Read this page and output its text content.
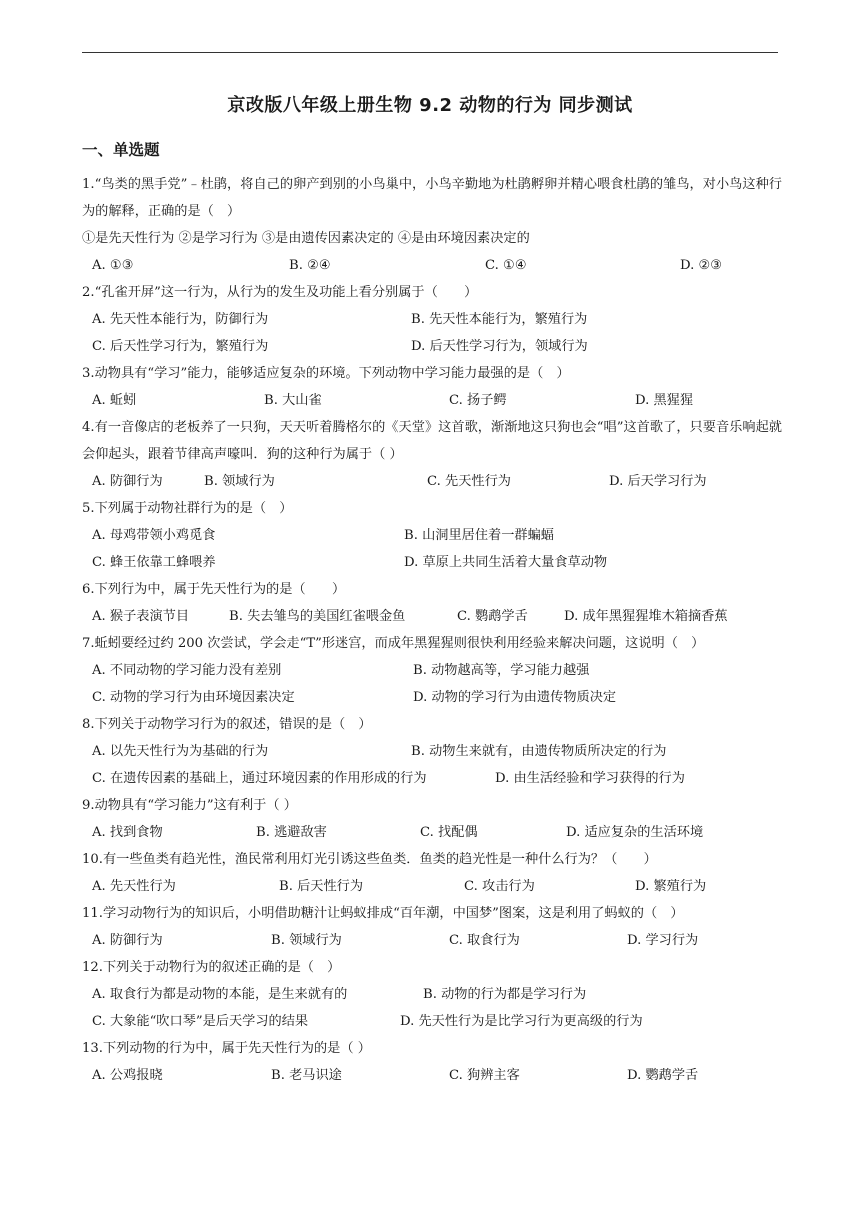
京改版八年级上册生物 9.2 动物的行为 同步测试
一、单选题
1.“鸟类的黑手党”﹣杜鹃，将自己的卵产到别的小鸟巢中，小鸟辛勤地为杜鹃孵卵并精心喂食杜鹃的雏鸟，对小鸟这种行为的解释，正确的是（　）
①是先天性行为 ②是学习行为 ③是由遗传因素决定的 ④是由环境因素决定的
A. ①③	B. ②④	C. ①④	D. ②③
2.“孔雀开屏”这一行为，从行为的发生及功能上看分别属于（　　）
A. 先天性本能行为，防御行为	B. 先天性本能行为，繁殖行为
C. 后天性学习行为，繁殖行为	D. 后天性学习行为，领域行为
3.动物具有“学习”能力，能够适应复杂的环境。下列动物中学习能力最强的是（　）
A. 蚯蚓	B. 大山雀	C. 扬子鳄	D. 黑猩猩
4.有一音像店的老板养了一只狗，天天听着腾格尔的《天堂》这首歌，渐渐地这只狗也会“唱”这首歌了，只要音乐响起就会仰起头，跟着节律高声嚎叫．狗的这种行为属于（ ）
A. 防御行为	B. 领域行为	C. 先天性行为	D. 后天学习行为
5.下列属于动物社群行为的是（　）
A. 母鸡带领小鸡觅食	B. 山洞里居住着一群蝙蝠
C. 蜂王依靠工蜂喂养	D. 草原上共同生活着大量食草动物
6.下列行为中，属于先天性行为的是（　　）
A. 猴子表演节目	B. 失去雏鸟的美国红雀喂金鱼	C. 鹦鹉学舌	D. 成年黑猩猩堆木箱摘香蕉
7.蚯蚓要经过约 200 次尝试，学会走“T”形迷宫，而成年黑猩猩则很快利用经验来解决问题，这说明（　）
A. 不同动物的学习能力没有差别	B. 动物越高等，学习能力越强
C. 动物的学习行为由环境因素决定	D. 动物的学习行为由遗传物质决定
8.下列关于动物学习行为的叙述，错误的是（　）
A. 以先天性行为为基础的行为	B. 动物生来就有，由遗传物质所决定的行为
C. 在遗传因素的基础上，通过环境因素的作用形成的行为	D. 由生活经验和学习获得的行为
9.动物具有“学习能力”这有利于（ ）
A. 找到食物	B. 逃避敌害	C. 找配偶	D. 适应复杂的生活环境
10.有一些鱼类有趋光性，渔民常利用灯光引诱这些鱼类．鱼类的趋光性是一种什么行为？（　　）
A. 先天性行为	B. 后天性行为	C. 攻击行为	D. 繁殖行为
11.学习动物行为的知识后，小明借助糖汁让蚂蚁排成“百年潮，中国梦”图案，这是利用了蚂蚁的（　）
A. 防御行为	B. 领域行为	C. 取食行为	D. 学习行为
12.下列关于动物行为的叙述正确的是（　）
A. 取食行为都是动物的本能，是生来就有的	B. 动物的行为都是学习行为
C. 大象能“吹口琴”是后天学习的结果	D. 先天性行为是比学习行为更高级的行为
13.下列动物的行为中，属于先天性行为的是（ ）
A. 公鸡报晓	B. 老马识途	C. 狗辨主客	D. 鹦鹉学舌
